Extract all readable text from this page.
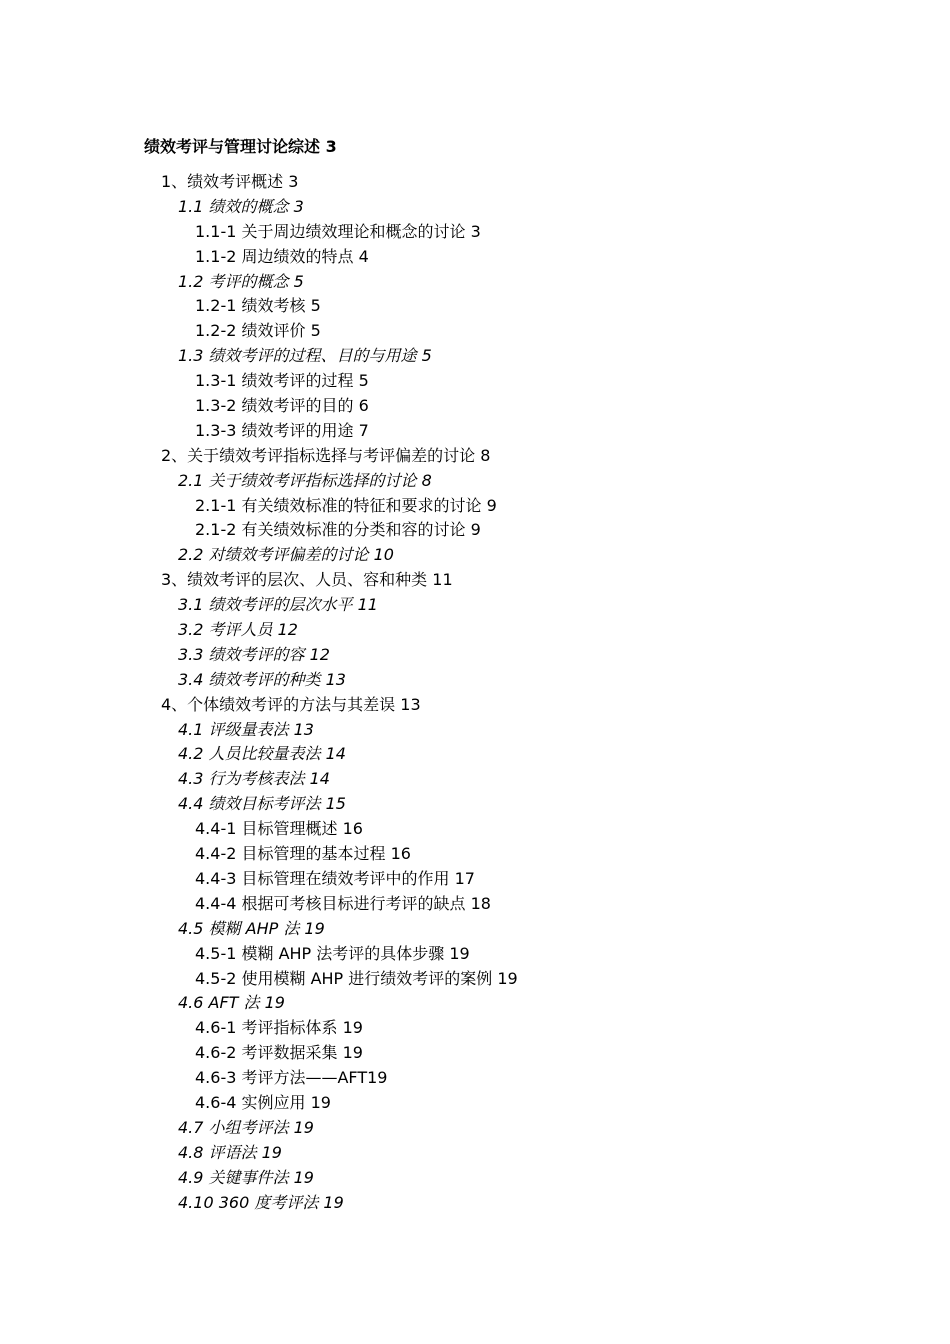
绩效考评与管理讨论综述 3
1、绩效考评概述 3
1.1 绩效的概念 3
1.1-1 关于周边绩效理论和概念的讨论 3
1.1-2 周边绩效的特点 4
1.2 考评的概念 5
1.2-1 绩效考核 5
1.2-2 绩效评价 5
1.3 绩效考评的过程、目的与用途 5
1.3-1 绩效考评的过程 5
1.3-2 绩效考评的目的 6
1.3-3 绩效考评的用途 7
2、关于绩效考评指标选择与考评偏差的讨论 8
2.1 关于绩效考评指标选择的讨论 8
2.1-1 有关绩效标准的特征和要求的讨论 9
2.1-2 有关绩效标准的分类和容的讨论 9
2.2 对绩效考评偏差的讨论 10
3、绩效考评的层次、人员、容和种类 11
3.1 绩效考评的层次水平 11
3.2 考评人员 12
3.3 绩效考评的容 12
3.4 绩效考评的种类 13
4、个体绩效考评的方法与其差误 13
4.1 评级量表法 13
4.2 人员比较量表法 14
4.3 行为考核表法 14
4.4 绩效目标考评法 15
4.4-1 目标管理概述 16
4.4-2 目标管理的基本过程 16
4.4-3 目标管理在绩效考评中的作用 17
4.4-4 根据可考核目标进行考评的缺点 18
4.5 模糊 AHP 法 19
4.5-1 模糊 AHP 法考评的具体步骤 19
4.5-2 使用模糊 AHP 进行绩效考评的案例 19
4.6 AFT 法 19
4.6-1 考评指标体系 19
4.6-2 考评数据采集 19
4.6-3 考评方法——AFT19
4.6-4 实例应用 19
4.7 小组考评法 19
4.8 评语法 19
4.9 关键事件法 19
4.10 360 度考评法 19
